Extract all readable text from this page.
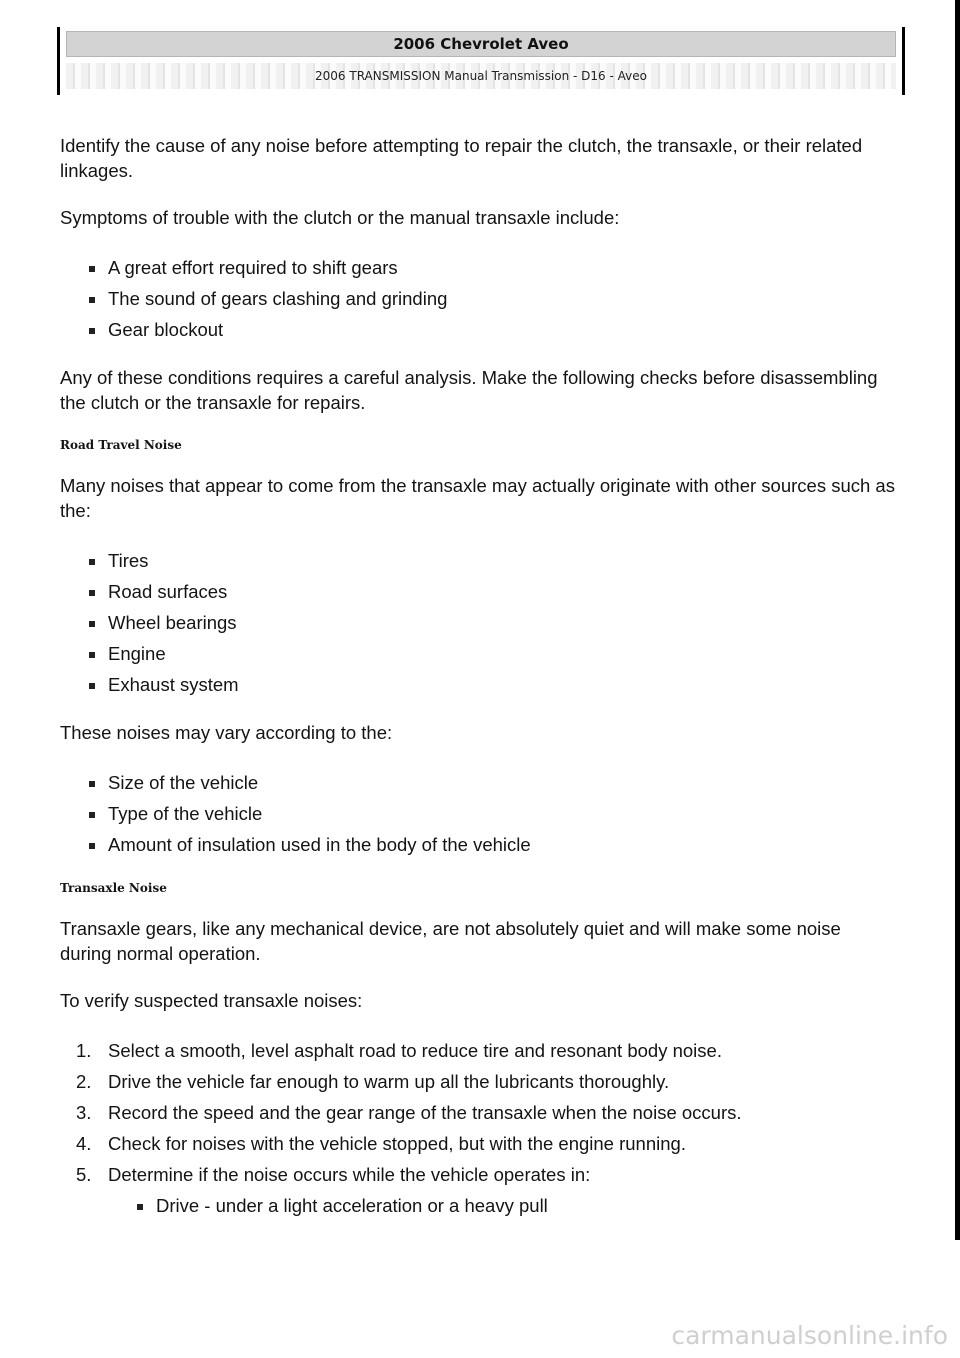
2006 Chevrolet Aveo
2006 TRANSMISSION Manual Transmission - D16 - Aveo

Identify the cause of any noise before attempting to repair the clutch, the transaxle, or their related linkages.

Symptoms of trouble with the clutch or the manual transaxle include:

A great effort required to shift gears
The sound of gears clashing and grinding
Gear blockout

Any of these conditions requires a careful analysis. Make the following checks before disassembling the clutch or the transaxle for repairs.

Road Travel Noise

Many noises that appear to come from the transaxle may actually originate with other sources such as the:

Tires
Road surfaces
Wheel bearings
Engine
Exhaust system

These noises may vary according to the:

Size of the vehicle
Type of the vehicle
Amount of insulation used in the body of the vehicle
Transaxle Noise

Transaxle gears, like any mechanical device, are not absolutely quiet and will make some noise during normal operation.

To verify suspected transaxle noises:

1. Select a smooth, level asphalt road to reduce tire and resonant body noise.
2. Drive the vehicle far enough to warm up all the lubricants thoroughly.
3. Record the speed and the gear range of the transaxle when the noise occurs.
4. Check for noises with the vehicle stopped, but with the engine running.
5. Determine if the noise occurs while the vehicle operates in:
Drive - under a light acceleration or a heavy pull
carmanualsonline.info
